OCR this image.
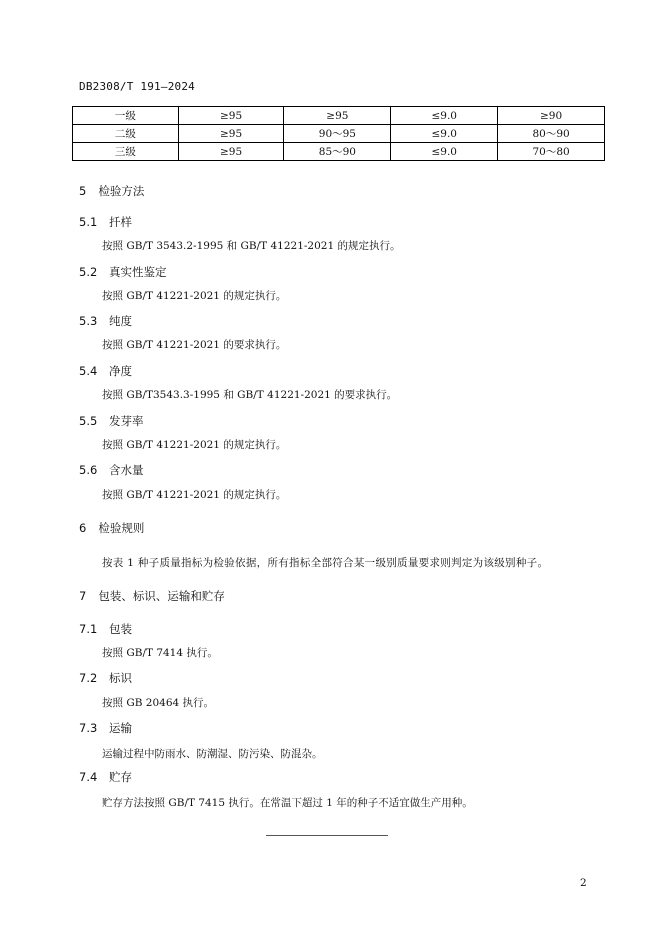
DB2308/T 191—2024
一级	≥95	≥95	≤9.0	≥90
二级	≥95	90～95	≤9.0	80～90
三级	≥95	85～90	≤9.0	70～80
5 检验方法
5.1 扦样
按照 GB/T 3543.2-1995 和 GB/T 41221-2021 的规定执行。
5.2 真实性鉴定
按照 GB/T 41221-2021 的规定执行。
5.3 纯度
按照 GB/T 41221-2021 的要求执行。
5.4 净度
按照 GB/T3543.3-1995 和 GB/T 41221-2021 的要求执行。
5.5 发芽率
按照 GB/T 41221-2021 的规定执行。
5.6 含水量
按照 GB/T 41221-2021 的规定执行。
6 检验规则
按表 1 种子质量指标为检验依据，所有指标全部符合某一级别质量要求则判定为该级别种子。
7 包装、标识、运输和贮存
7.1 包装
按照 GB/T 7414 执行。
7.2 标识
按照 GB 20464 执行。
7.3 运输
运输过程中防雨水、防潮湿、防污染、防混杂。
7.4 贮存
贮存方法按照 GB/T 7415 执行。在常温下超过 1 年的种子不适宜做生产用种。
2
